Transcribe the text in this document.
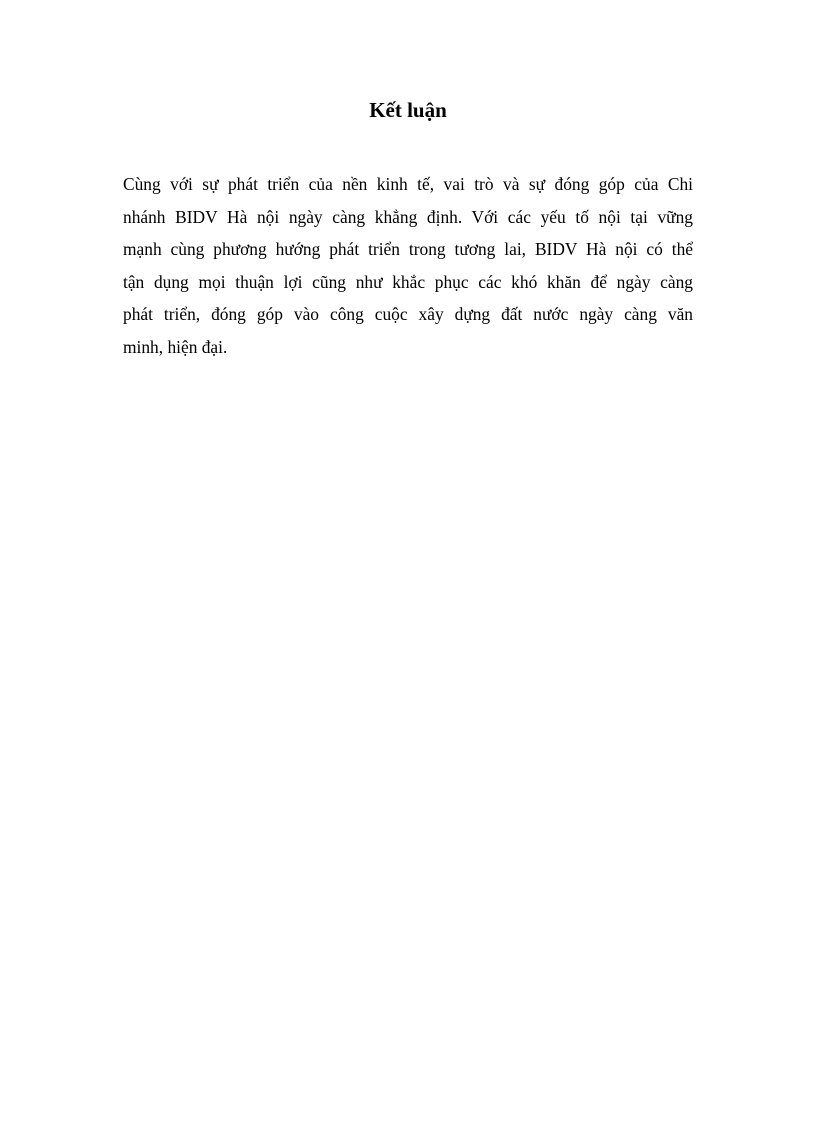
Kết luận

Cùng với sự phát triển của nền kinh tế, vai trò và sự đóng góp của Chi
nhánh BIDV Hà nội ngày càng khẳng định. Với các yếu tố nội tại vững
mạnh cùng phương hướng phát triển trong tương lai, BIDV Hà nội có thể
tận dụng mọi thuận lợi cũng như khắc phục các khó khăn để ngày càng
phát triển, đóng góp vào công cuộc xây dựng đất nước ngày càng văn
minh, hiện đại.
